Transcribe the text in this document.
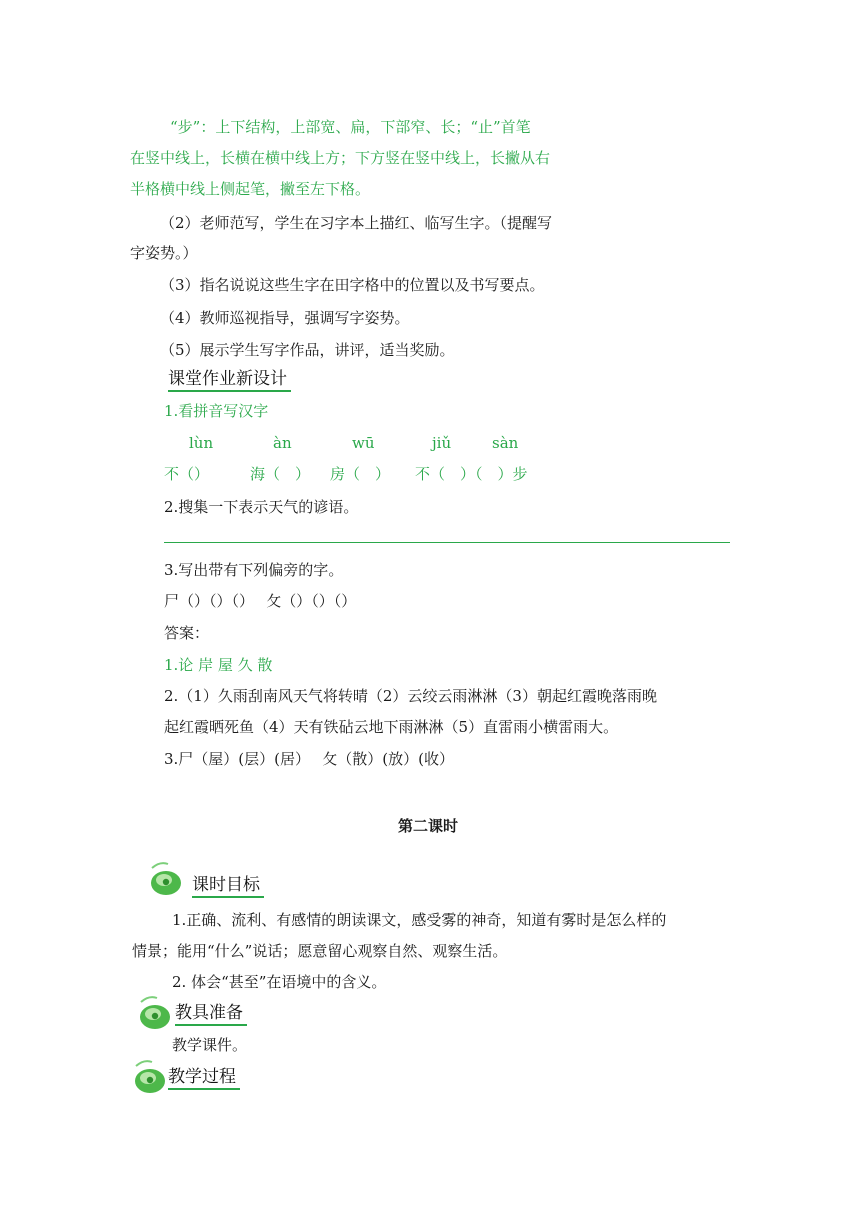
“步”：上下结构，上部宽、扁，下部窄、长；“止”首笔
在竖中线上，长横在横中线上方；下方竖在竖中线上，长撇从右
半格横中线上侧起笔，撇至左下格。
（2）老师范写，学生在习字本上描红、临写生字。（提醒写
字姿势。）
（3）指名说说这些生字在田字格中的位置以及书写要点。
（4）教师巡视指导，强调写字姿势。
（5）展示学生写字作品，讲评，适当奖励。
课堂作业新设计
1.看拼音写汉字
lùn	àn	wū	jiǔ	sàn
不（）	海（　） 房（　） 不（　）（　）步
2.搜集一下表示天气的谚语。
3.写出带有下列偏旁的字。
尸（）（）（）　 攵（）（）（）
答案：
1.论 岸 屋 久 散
2.（1）久雨刮南风天气将转晴（2）云绞云雨淋淋（3）朝起红霞晚落雨晚
起红霞晒死鱼（4）天有铁砧云地下雨淋淋（5）直雷雨小横雷雨大。
3.尸（屋）(层）(居）　 攵（散）(放）(收）
第二课时
课时目标
1.正确、流利、有感情的朗读课文，感受雾的神奇，知道有雾时是怎么样的
情景；能用“什么”说话；愿意留心观察自然、观察生活。
2. 体会“甚至”在语境中的含义。
教具准备
教学课件。
教学过程
